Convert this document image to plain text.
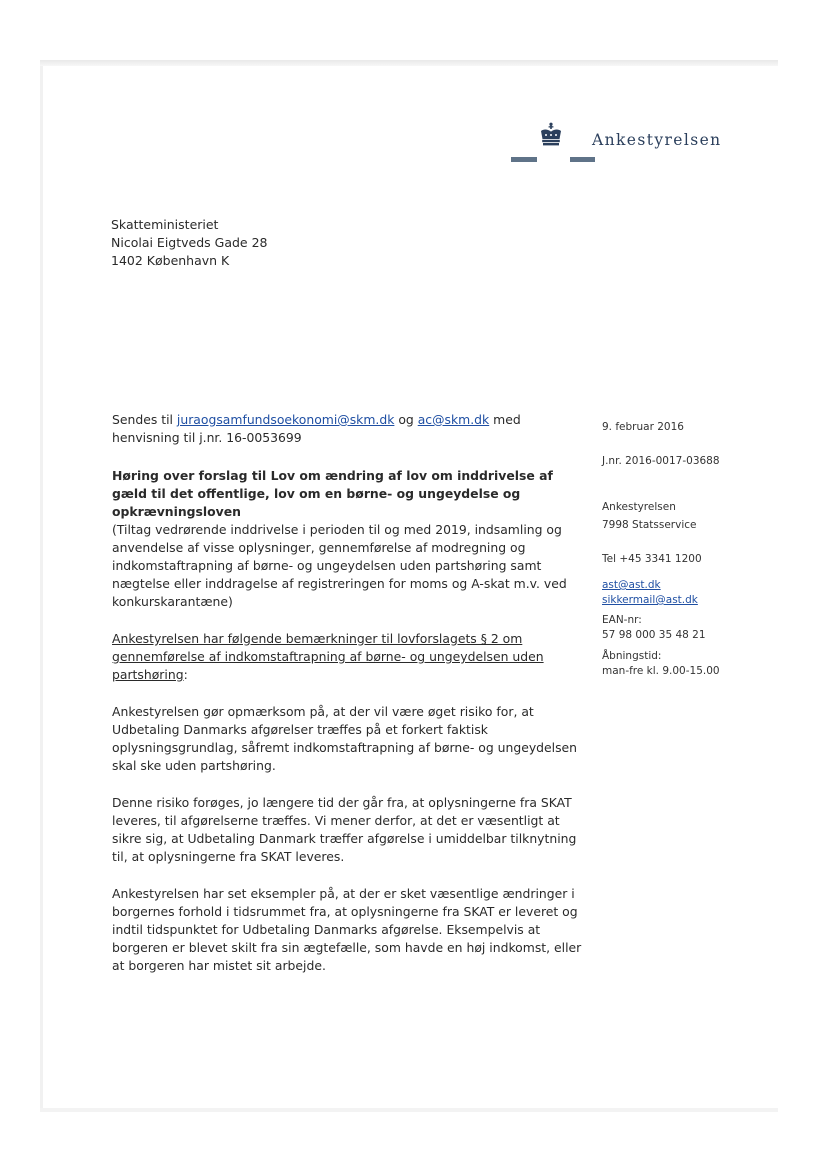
Ankestyrelsen
Skatteministeriet
Nicolai Eigtveds Gade 28
1402 København K

Sendes til juraogsamfundsoekonomi@skm.dk og ac@skm.dk med henvisning til j.nr. 16-0053699

Høring over forslag til Lov om ændring af lov om inddrivelse af gæld til det offentlige, lov om en børne- og ungeydelse og opkrævningsloven

(Tiltag vedrørende inddrivelse i perioden til og med 2019, indsamling og anvendelse af visse oplysninger, gennemførelse af modregning og indkomstaftrapning af børne- og ungeydelsen uden partshøring samt nægtelse eller inddragelse af registreringen for moms og A-skat m.v. ved konkurskarantæne)

Ankestyrelsen har følgende bemærkninger til lovforslagets § 2 om gennemførelse af indkomstaftrapning af børne- og ungeydelsen uden partshøring:

Ankestyrelsen gør opmærksom på, at der vil være øget risiko for, at Udbetaling Danmarks afgørelser træffes på et forkert faktisk oplysningsgrundlag, såfremt indkomstaftrapning af børne- og ungeydelsen skal ske uden partshøring.

Denne risiko forøges, jo længere tid der går fra, at oplysningerne fra SKAT leveres, til afgørelserne træffes. Vi mener derfor, at det er væsentligt at sikre sig, at Udbetaling Danmark træffer afgørelse i umiddelbar tilknytning til, at oplysningerne fra SKAT leveres.

Ankestyrelsen har set eksempler på, at der er sket væsentlige ændringer i borgernes forhold i tidsrummet fra, at oplysningerne fra SKAT er leveret og indtil tidspunktet for Udbetaling Danmarks afgørelse. Eksempelvis at borgeren er blevet skilt fra sin ægtefælle, som havde en høj indkomst, eller at borgeren har mistet sit arbejde.

9. februar 2016
J.nr. 2016-0017-03688
Ankestyrelsen
7998 Statsservice
Tel +45 3341 1200
ast@ast.dk
sikkermail@ast.dk
EAN-nr:
57 98 000 35 48 21
Åbningstid:
man-fre kl. 9.00-15.00
